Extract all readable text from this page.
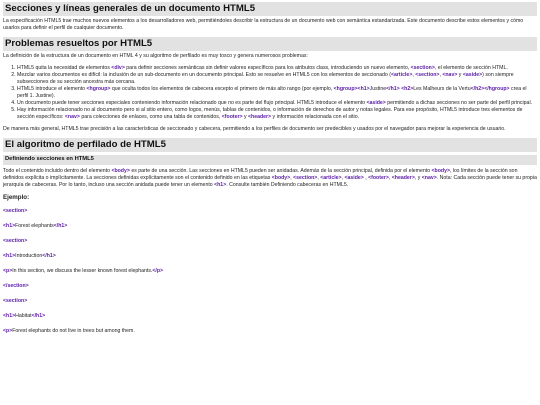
Secciones y líneas generales de un documento HTML5

La especificación HTML5 trae muchos nuevos elementos a los desarrolladores web, permitiéndoles describir la estructura de un documento web con semántica estandarizada. Este documento describe estos elementos y cómo usarlos para definir el perfil de cualquier documento.

Problemas resueltos por HTML5

La definición de la estructura de un documento en HTML 4 y su algoritmo de perfilado es muy tosco y genera numerosos problemas:

1. HTML5 quita la necesidad de elementos <div> para definir secciones semánticas sin definir valores específicos para los atributos class, introduciendo un nuevo elemento, <section>, el elemento de sección HTML.
2. Mezclar varios documentos es difícil: la inclusión de un sub-documento en un documento principal. Esto se resuelve en HTML5 con los elementos de seccionado (<article>, <section>, <nav> y <aside>) son siempre subsecciones de su sección ancestra más cercana.
3. HTML5 introduce el elemento <hgroup> que oculta todos los elementos de cabecera excepto el primero de más alto rango (por ejemplo, <hgroup><h1>Justine</h1> <h2>Les Malheurs de la Vertu</h2></hgroup> crea el perfil 1. Justine).
4. Un documento puede tener secciones especiales conteniendo información relacionado que no es parte del flujo principal. HTML5 introduce el elemento <aside> permitiendo a dichas secciones no ser parte del perfil principal.
5. Hay información relacionado no al documento pero si al sitio entero, como logos, menús, tablas de contenidos, o información de derechos de autor y notas legales. Para ese propósito, HTML5 introduce tres elementos de sección específicos: <nav> para colecciones de enlaces, como una tabla de contenidos, <footer> y <header> y información relacionada con el sitio.

De manera más general, HTML5 trae precisión a las características de seccionado y cabecera, permitiendo a los perfiles de documento ser predecibles y usados por el navegador para mejorar la experiencia de usuario.

El algoritmo de perfilado de HTML5
Definiendo secciones en HTML5

Todo el contenido incluido dentro del elemento <body> es parte de una sección. Las secciones en HTML5 pueden ser anidadas. Además de la sección principal, definida por el elemento <body>, los límites de la sección son definidos explícita o implícitamente. La secciones definidas explícitamente son el contenido definido en las etiquetas <body>, <section>, <article>, <aside> , <footer>, <header>, y <nav>. Nota: Cada sección puede tener su propia jerarquía de cabeceras. Por lo tanto, incluso una sección anidada puede tener un elemento <h1>. Consulte también Definiendo cabeceras en HTML5.

Ejemplo:
<section>
<h1>Forest elephants</h1>
<section>
<h1>Introduction</h1>
<p>In this section, we discuss the lesser known forest elephants.</p>
</section>
<section>
<h1>Habitat</h1>
<p>Forest elephants do not live in trees but among them.
